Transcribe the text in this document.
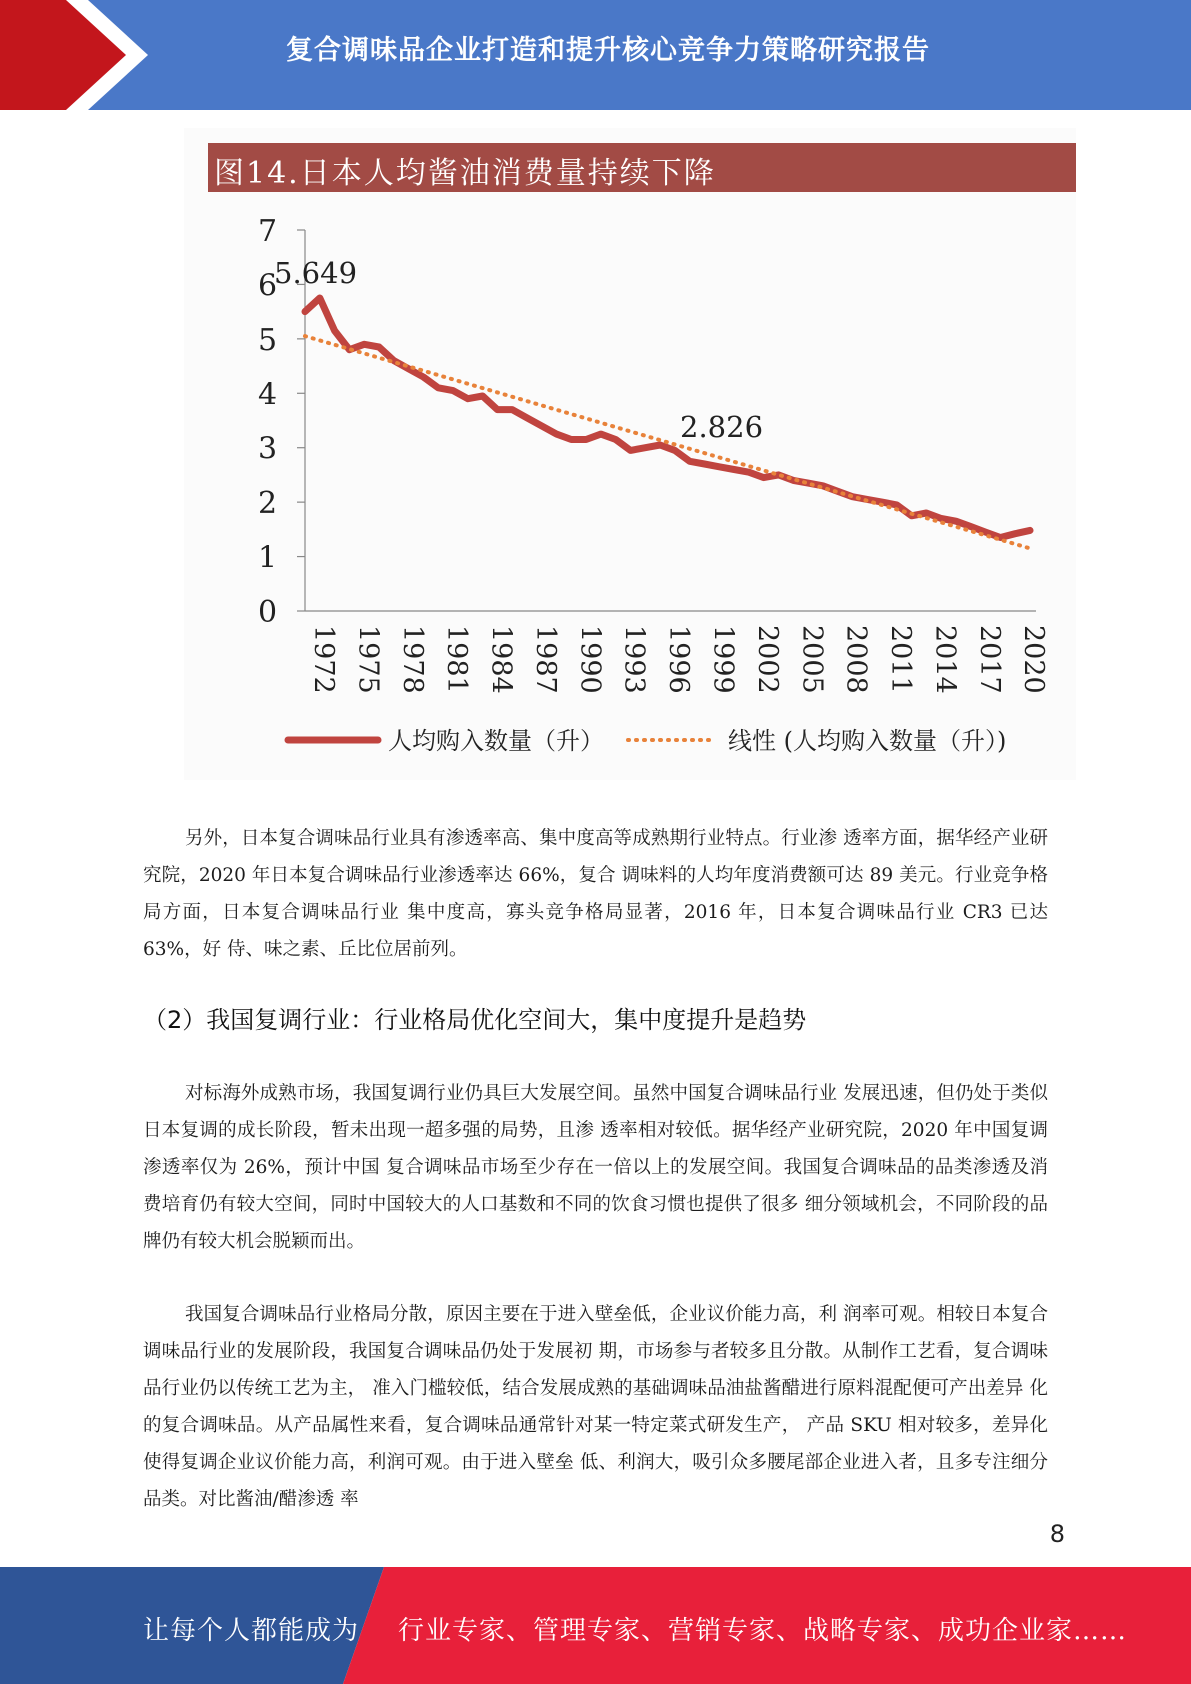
复合调味品企业打造和提升核心竞争力策略研究报告
图14.日本人均酱油消费量持续下降
0
1
2
3
4
5
6
7
1972 1975 1978 1981 1984 1987 1990 1993 1996 1999 2002 2005 2008 2011 2014 2017 2020
5.649
2.826
人均购入数量（升）	线性 (人均购入数量（升）)
另外，日本复合调味品行业具有渗透率高、集中度高等成熟期行业特点。行业渗 透率方面，据华经产业研究院，2020 年日本复合调味品行业渗透率达 66%，复合 调味料的人均年度消费额可达 89 美元。行业竞争格局方面，日本复合调味品行业 集中度高，寡头竞争格局显著，2016 年，日本复合调味品行业 CR3 已达 63%，好 侍、味之素、丘比位居前列。
（2）我国复调行业：行业格局优化空间大，集中度提升是趋势
对标海外成熟市场，我国复调行业仍具巨大发展空间。虽然中国复合调味品行业 发展迅速，但仍处于类似日本复调的成长阶段，暂未出现一超多强的局势，且渗 透率相对较低。据华经产业研究院，2020 年中国复调渗透率仅为 26%，预计中国 复合调味品市场至少存在一倍以上的发展空间。我国复合调味品的品类渗透及消 费培育仍有较大空间，同时中国较大的人口基数和不同的饮食习惯也提供了很多 细分领域机会，不同阶段的品牌仍有较大机会脱颖而出。
我国复合调味品行业格局分散，原因主要在于进入壁垒低，企业议价能力高，利 润率可观。相较日本复合调味品行业的发展阶段，我国复合调味品仍处于发展初 期，市场参与者较多且分散。从制作工艺看，复合调味品行业仍以传统工艺为主， 准入门槛较低，结合发展成熟的基础调味品油盐酱醋进行原料混配便可产出差异 化的复合调味品。从产品属性来看，复合调味品通常针对某一特定菜式研发生产， 产品 SKU 相对较多，差异化使得复调企业议价能力高，利润可观。由于进入壁垒 低、利润大，吸引众多腰尾部企业进入者，且多专注细分品类。对比酱油/醋渗透 率
8
让每个人都能成为 行业专家、管理专家、营销专家、战略专家、成功企业家……
